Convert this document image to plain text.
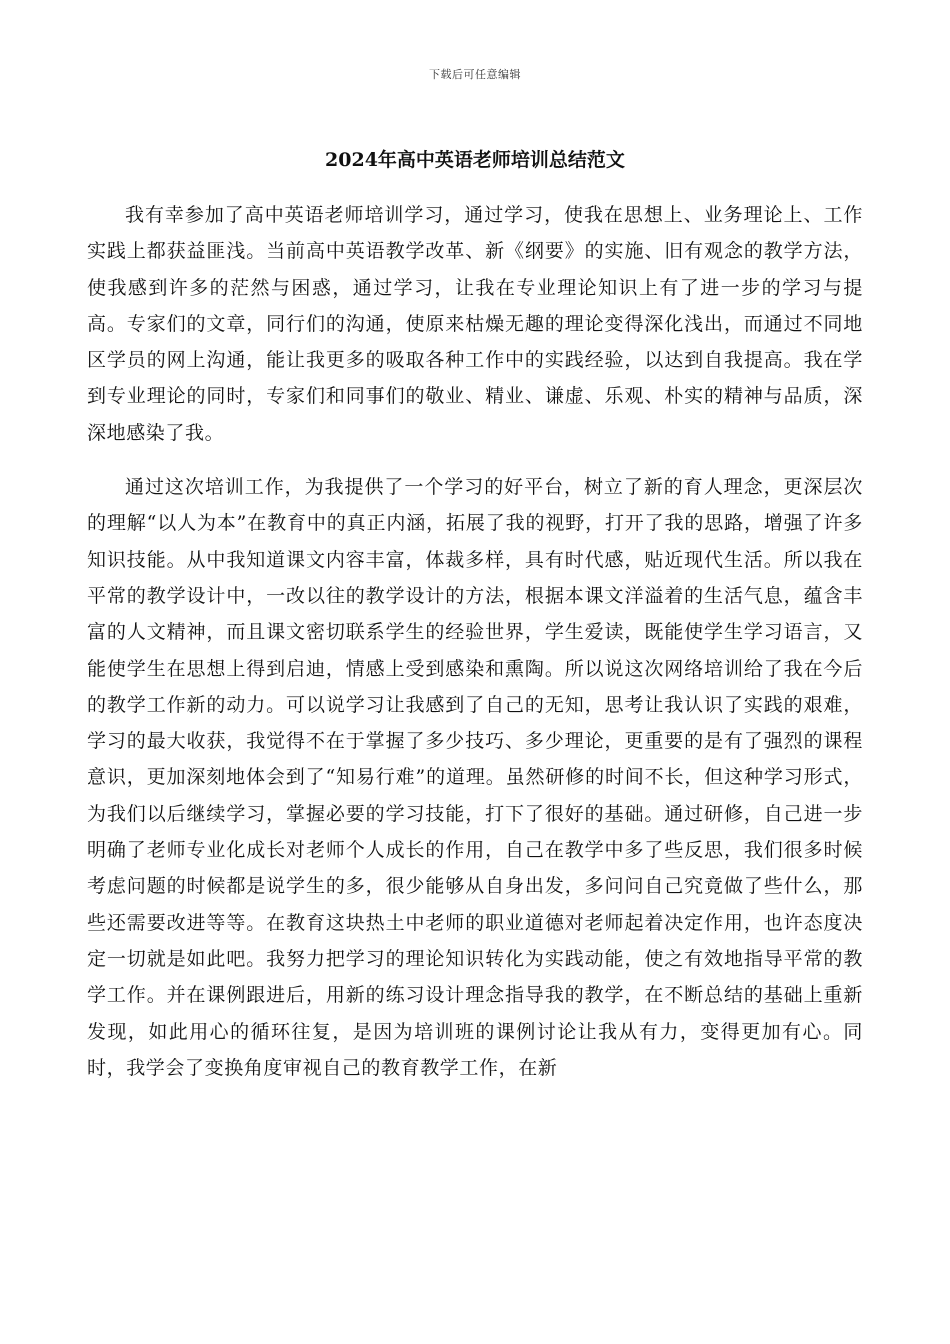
下载后可任意编辑
2024年高中英语老师培训总结范文

我有幸参加了高中英语老师培训学习，通过学习，使我在思想上、业务理论上、工作实践上都获益匪浅。当前高中英语教学改革、新《纲要》的实施、旧有观念的教学方法，使我感到许多的茫然与困惑，通过学习，让我在专业理论知识上有了进一步的学习与提高。专家们的文章，同行们的沟通，使原来枯燥无趣的理论变得深化浅出，而通过不同地区学员的网上沟通，能让我更多的吸取各种工作中的实践经验，以达到自我提高。我在学到专业理论的同时，专家们和同事们的敬业、精业、谦虚、乐观、朴实的精神与品质，深深地感染了我。

通过这次培训工作，为我提供了一个学习的好平台，树立了新的育人理念，更深层次的理解“以人为本”在教育中的真正内涵，拓展了我的视野，打开了我的思路，增强了许多知识技能。从中我知道课文内容丰富，体裁多样，具有时代感，贴近现代生活。所以我在平常的教学设计中，一改以往的教学设计的方法，根据本课文洋溢着的生活气息，蕴含丰富的人文精神，而且课文密切联系学生的经验世界，学生爱读，既能使学生学习语言，又能使学生在思想上得到启迪，情感上受到感染和熏陶。所以说这次网络培训给了我在今后的教学工作新的动力。可以说学习让我感到了自己的无知，思考让我认识了实践的艰难，学习的最大收获，我觉得不在于掌握了多少技巧、多少理论，更重要的是有了强烈的课程意识，更加深刻地体会到了“知易行难”的道理。虽然研修的时间不长，但这种学习形式，为我们以后继续学习，掌握必要的学习技能，打下了很好的基础。通过研修，自己进一步明确了老师专业化成长对老师个人成长的作用，自己在教学中多了些反思，我们很多时候考虑问题的时候都是说学生的多，很少能够从自身出发，多问问自己究竟做了些什么，那些还需要改进等等。在教育这块热土中老师的职业道德对老师起着决定作用，也许态度决定一切就是如此吧。我努力把学习的理论知识转化为实践动能，使之有效地指导平常的教学工作。并在课例跟进后，用新的练习设计理念指导我的教学，在不断总结的基础上重新发现，如此用心的循环往复，是因为培训班的课例讨论让我从有力，变得更加有心。同时，我学会了变换角度审视自己的教育教学工作，在新
